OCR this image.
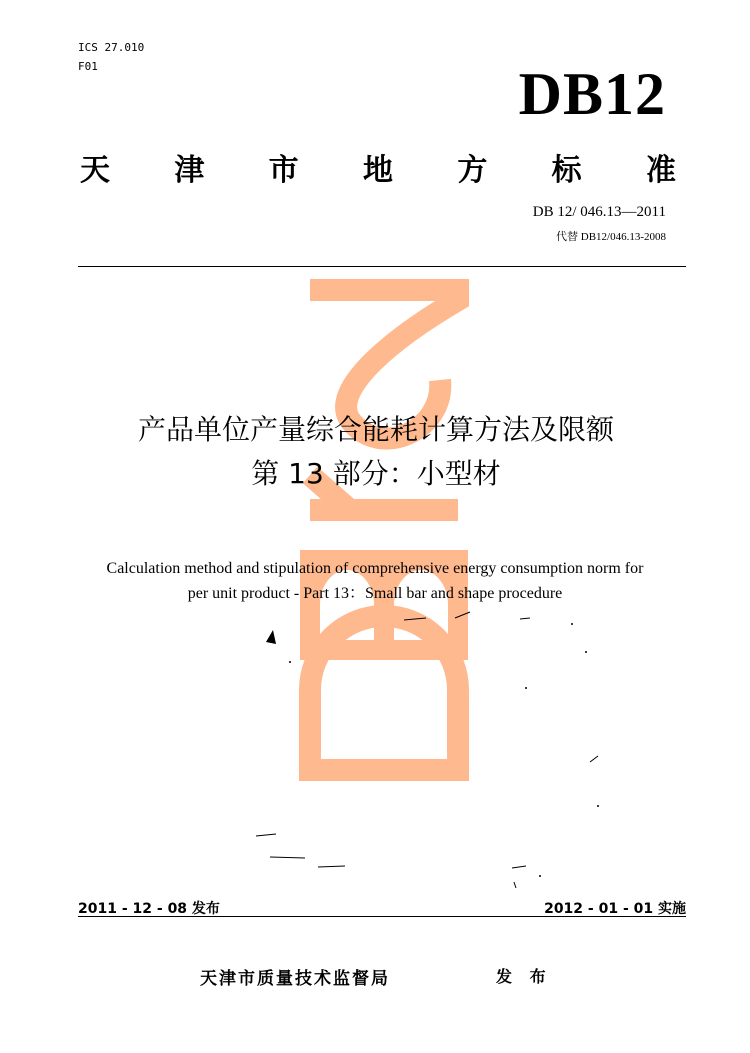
ICS 27.010
F01	DB12
天 津 市 地 方 标 准
DB 12/ 046.13—2011
代替 DB12/046.13-2008
产品单位产量综合能耗计算方法及限额
第 13 部分：小型材
Calculation method and stipulation of comprehensive energy consumption norm for
per unit product - Part 13：Small bar and shape procedure
2011 - 12 - 08 发布	2012 - 01 - 01 实施
天津市质量技术监督局	发 布
